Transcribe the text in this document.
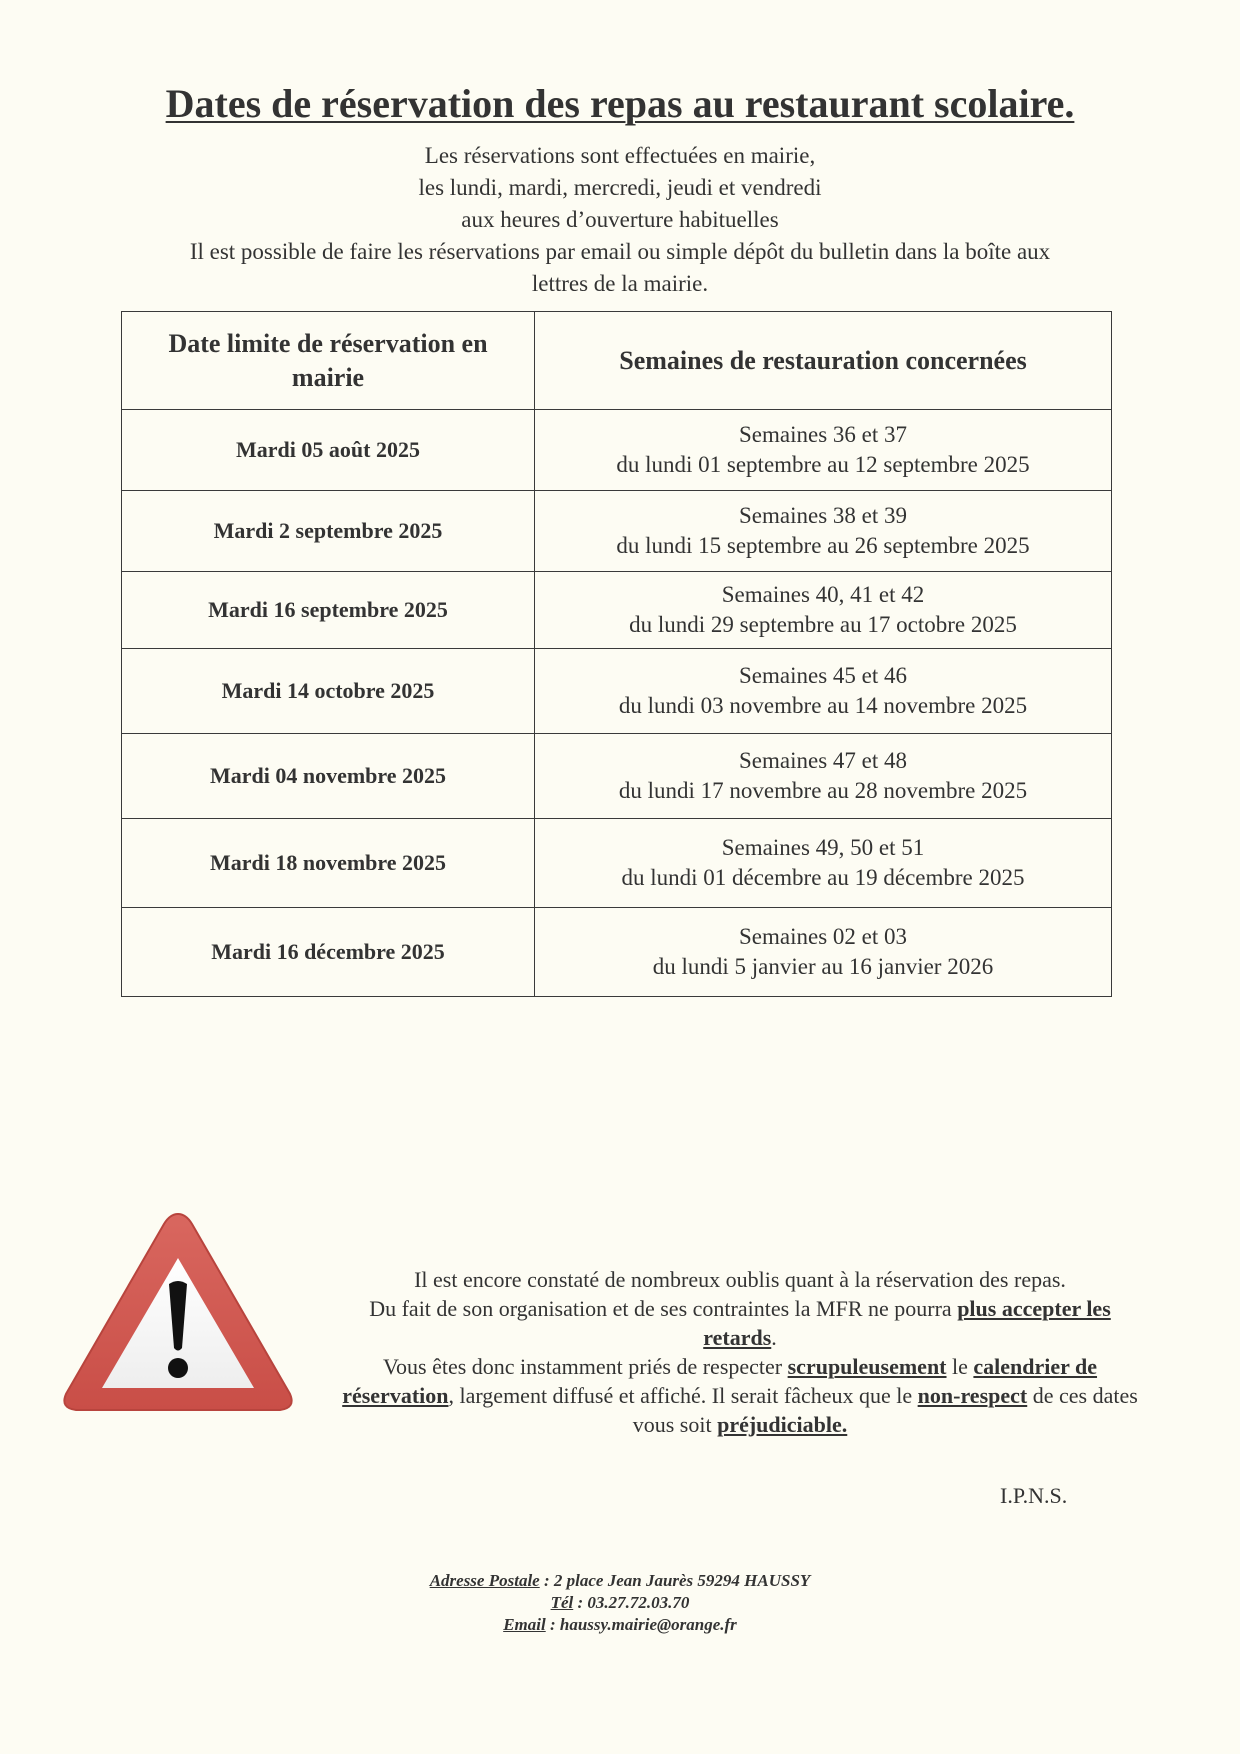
Dates de réservation des repas au restaurant scolaire.
Les réservations sont effectuées en mairie,
les lundi, mardi, mercredi, jeudi et vendredi
aux heures d’ouverture habituelles
Il est possible de faire les réservations par email ou simple dépôt du bulletin dans la boîte aux
lettres de la mairie.
Date limite de réservation en mairie	Semaines de restauration concernées
Mardi 05 août 2025	Semaines 36 et 37
du lundi 01 septembre au 12 septembre 2025

Mardi 2 septembre 2025	Semaines 38 et 39
du lundi 15 septembre au 26 septembre 2025

Mardi 16 septembre 2025	Semaines 40, 41 et 42
du lundi 29 septembre au 17 octobre 2025

Mardi 14 octobre 2025	Semaines 45 et 46
du lundi 03 novembre au 14 novembre 2025

Mardi 04 novembre 2025	Semaines 47 et 48
du lundi 17 novembre au 28 novembre 2025

Mardi 18 novembre 2025	Semaines 49, 50 et 51
du lundi 01 décembre au 19 décembre 2025

Mardi 16 décembre 2025	Semaines 02 et 03
du lundi 5 janvier au 16 janvier 2026
Il est encore constaté de nombreux oublis quant à la réservation des repas.
Du fait de son organisation et de ses contraintes la MFR ne pourra plus accepter les retards.
Vous êtes donc instamment priés de respecter scrupuleusement le calendrier de réservation, largement diffusé et affiché. Il serait fâcheux que le non-respect de ces dates vous soit préjudiciable.
I.P.N.S.
Adresse Postale : 2 place Jean Jaurès 59294 HAUSSY
Tél : 03.27.72.03.70
Email : haussy.mairie@orange.fr
